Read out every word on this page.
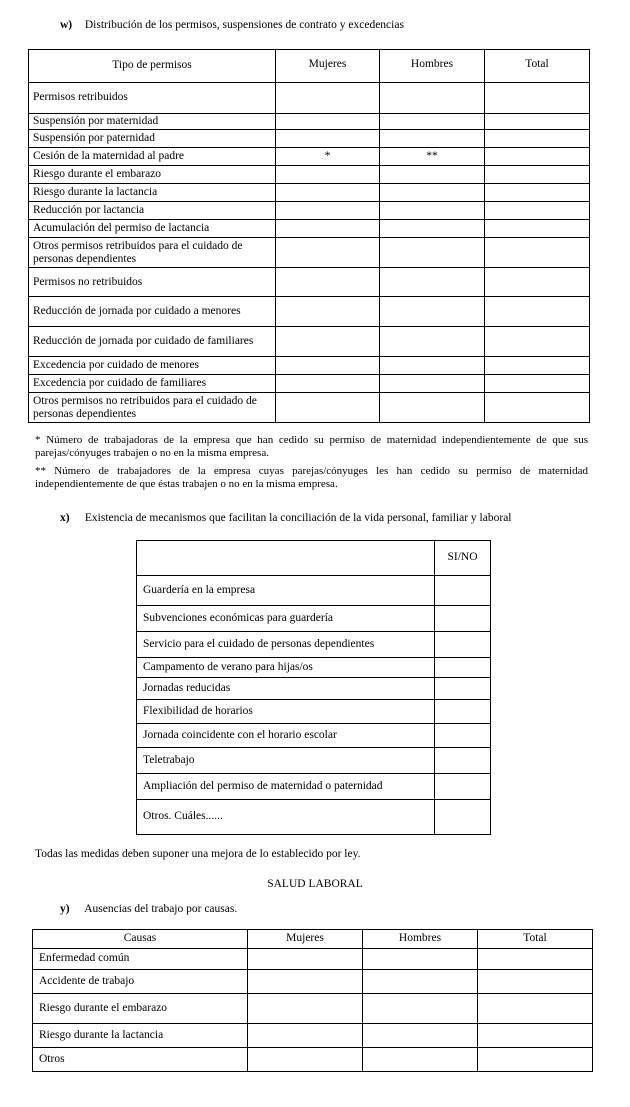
w) Distribución de los permisos, suspensiones de contrato y excedencias
Tipo de permisos	Mujeres	Hombres	Total
Permisos retribuidos			
Suspensión por maternidad			
Suspensión por paternidad			
Cesión de la maternidad al padre	*	**	
Riesgo durante el embarazo			
Riesgo durante la lactancia			
Reducción por lactancia			
Acumulación del permiso de lactancia			
Otros permisos retribuidos para el cuidado de personas dependientes			
Permisos no retribuidos			
Reducción de jornada por cuidado a menores			
Reducción de jornada por cuidado de familiares			
Excedencia por cuidado de menores			
Excedencia por cuidado de familiares			
Otros permisos no retribuidos para el cuidado de personas dependientes			
* Número de trabajadoras de la empresa que han cedido su permiso de maternidad independientemente de que sus parejas/cónyuges trabajen o no en la misma empresa.
** Número de trabajadores de la empresa cuyas parejas/cónyuges les han cedido su permiso de maternidad independientemente de que éstas trabajen o no en la misma empresa.
x) Existencia de mecanismos que facilitan la conciliación de la vida personal, familiar y laboral
	SI/NO
Guardería en la empresa	
Subvenciones económicas para guardería	
Servicio para el cuidado de personas dependientes	
Campamento de verano para hijas/os	
Jornadas reducidas	
Flexibilidad de horarios	
Jornada coincidente con el horario escolar	
Teletrabajo	
Ampliación del permiso de maternidad o paternidad	
Otros. Cuáles......	
Todas las medidas deben suponer una mejora de lo establecido por ley.
SALUD LABORAL
y) Ausencias del trabajo por causas.
Causas	Mujeres	Hombres	Total
Enfermedad común			
Accidente de trabajo			
Riesgo durante el embarazo			
Riesgo durante la lactancia			
Otros			
